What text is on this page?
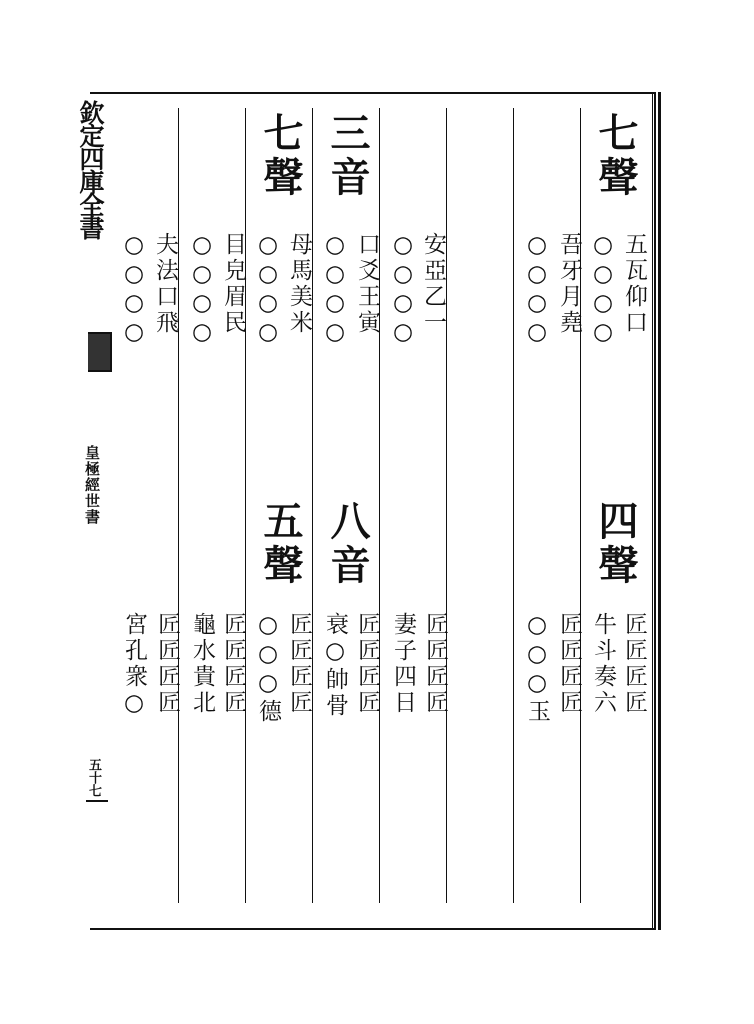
欽定四庫全書
皇極經世書
五十七
七聲
五瓦仰口
○○○○
四聲
匠匠匠匠
牛斗奏六
吾牙月堯
○○○○
匠匠匠匠
○○○玉
安亞乙一
○○○○
匠匠匠匠
妻子四日
三音
口爻王寅
○○○○
八音
匠匠匠匠
衰○帥骨
七聲
母馬美米
○○○○
五聲
匠匠匠匠
○○○德
目皃眉民
○○○○
匠匠匠匠
龜水貴北
夫法口飛
○○○○
匠匠匠匠
宮孔衆○
